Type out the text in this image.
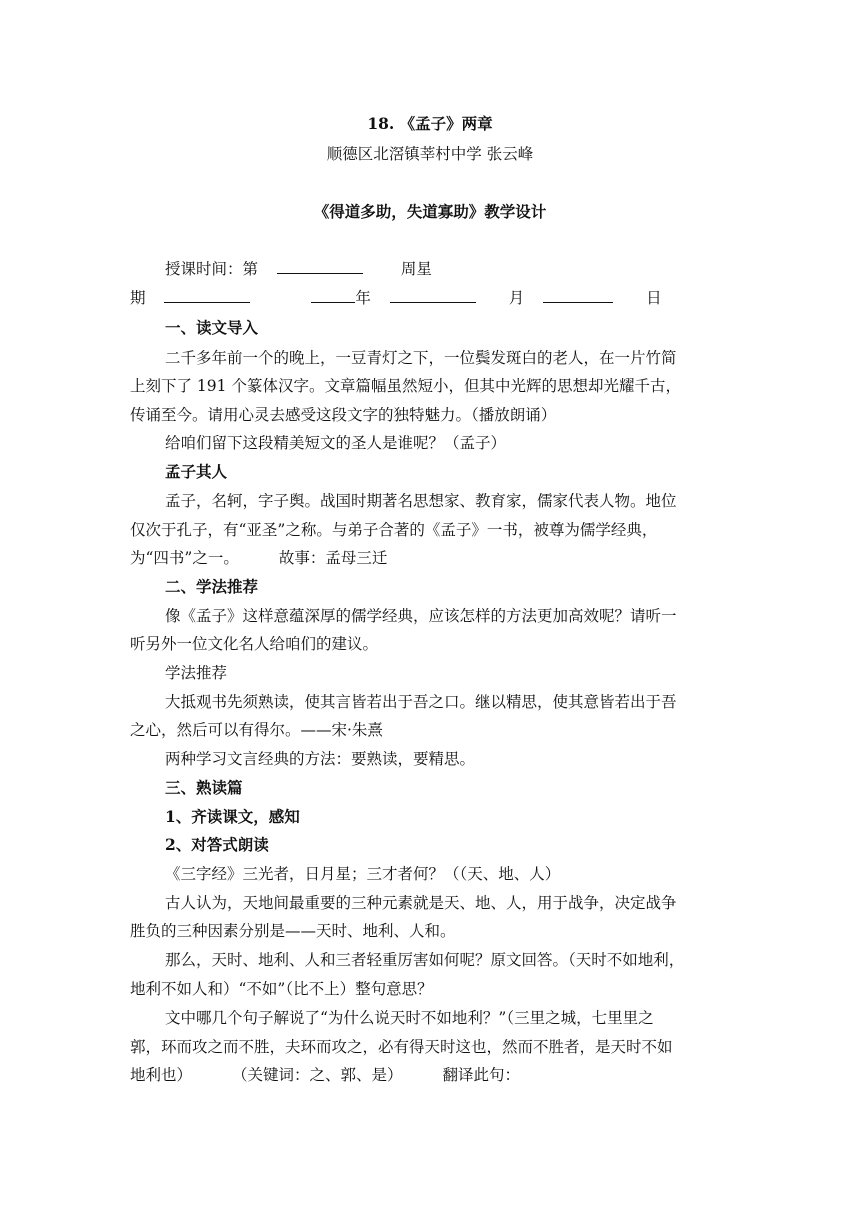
18. 《孟子》两章
顺德区北滘镇莘村中学 张云峰
《得道多助，失道寡助》教学设计
授课时间：第	周星
期	年	月	日
一、读文导入
二千多年前一个的晚上，一豆青灯之下，一位鬓发斑白的老人，在一片竹简
上刻下了 191 个篆体汉字。文章篇幅虽然短小，但其中光辉的思想却光耀千古，
传诵至今。请用心灵去感受这段文字的独特魅力。（播放朗诵）
给咱们留下这段精美短文的圣人是谁呢？（孟子）
孟子其人
孟子，名轲，字子舆。战国时期著名思想家、教育家，儒家代表人物。地位
仅次于孔子，有“亚圣”之称。与弟子合著的《孟子》一书，被尊为儒学经典，
为“四书”之一。	故事：孟母三迁
二、学法推荐
像《孟子》这样意蕴深厚的儒学经典，应该怎样的方法更加高效呢？请听一
听另外一位文化名人给咱们的建议。
学法推荐
大抵观书先须熟读，使其言皆若出于吾之口。继以精思，使其意皆若出于吾
之心，然后可以有得尔。——宋·朱熹
两种学习文言经典的方法：要熟读，要精思。
三、熟读篇
1、齐读课文，感知
2、对答式朗读
《三字经》三光者，日月星；三才者何？（（天、地、人）
古人认为，天地间最重要的三种元素就是天、地、人，用于战争，决定战争
胜负的三种因素分别是——天时、地利、人和。
那么，天时、地利、人和三者轻重厉害如何呢？原文回答。（天时不如地利，
地利不如人和）“不如”（比不上）整句意思？
文中哪几个句子解说了“为什么说天时不如地利？”（三里之城，七里里之
郭，环而攻之而不胜，夫环而攻之，必有得天时这也，然而不胜者，是天时不如
地利也）	（关键词：之、郭、是）	翻译此句：
